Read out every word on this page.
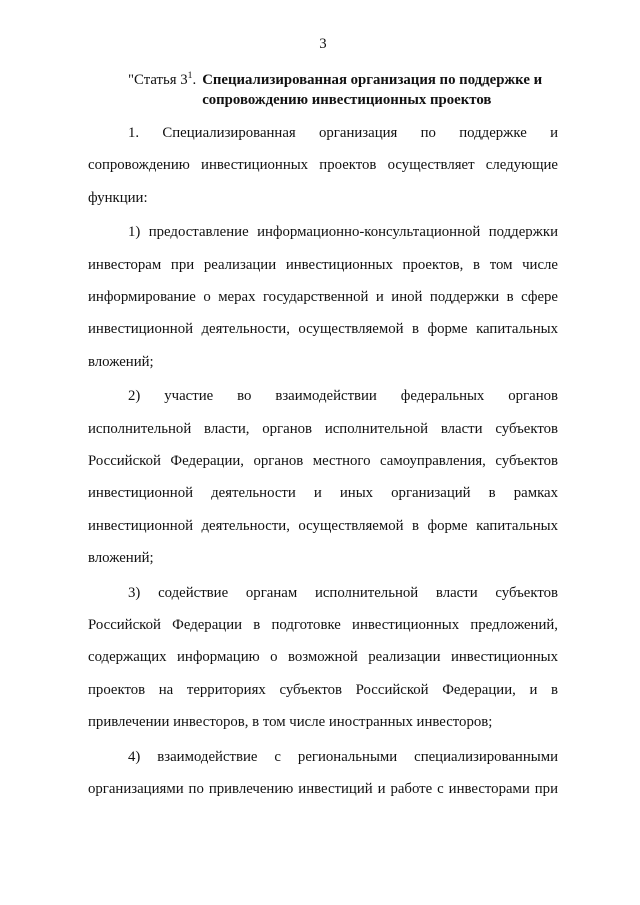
3
"Статья $3^1$. Специализированная организация по поддержке и
сопровождению инвестиционных проектов
1. Специализированная организация по поддержке и
сопровождению инвестиционных проектов осуществляет следующие
функции:
1) предоставление информационно-консультационной поддержки
инвесторам при реализации инвестиционных проектов, в том числе
информирование о мерах государственной и иной поддержки в сфере
инвестиционной деятельности, осуществляемой в форме капитальных
вложений;
2) участие во взаимодействии федеральных органов
исполнительной власти, органов исполнительной власти субъектов
Российской Федерации, органов местного самоуправления, субъектов
инвестиционной деятельности и иных организаций в рамках
инвестиционной деятельности, осуществляемой в форме капитальных
вложений;
3) содействие органам исполнительной власти субъектов
Российской Федерации в подготовке инвестиционных предложений,
содержащих информацию о возможной реализации инвестиционных
проектов на территориях субъектов Российской Федерации, и в
привлечении инвесторов, в том числе иностранных инвесторов;
4) взаимодействие с региональными специализированными
организациями по привлечению инвестиций и работе с инвесторами при
